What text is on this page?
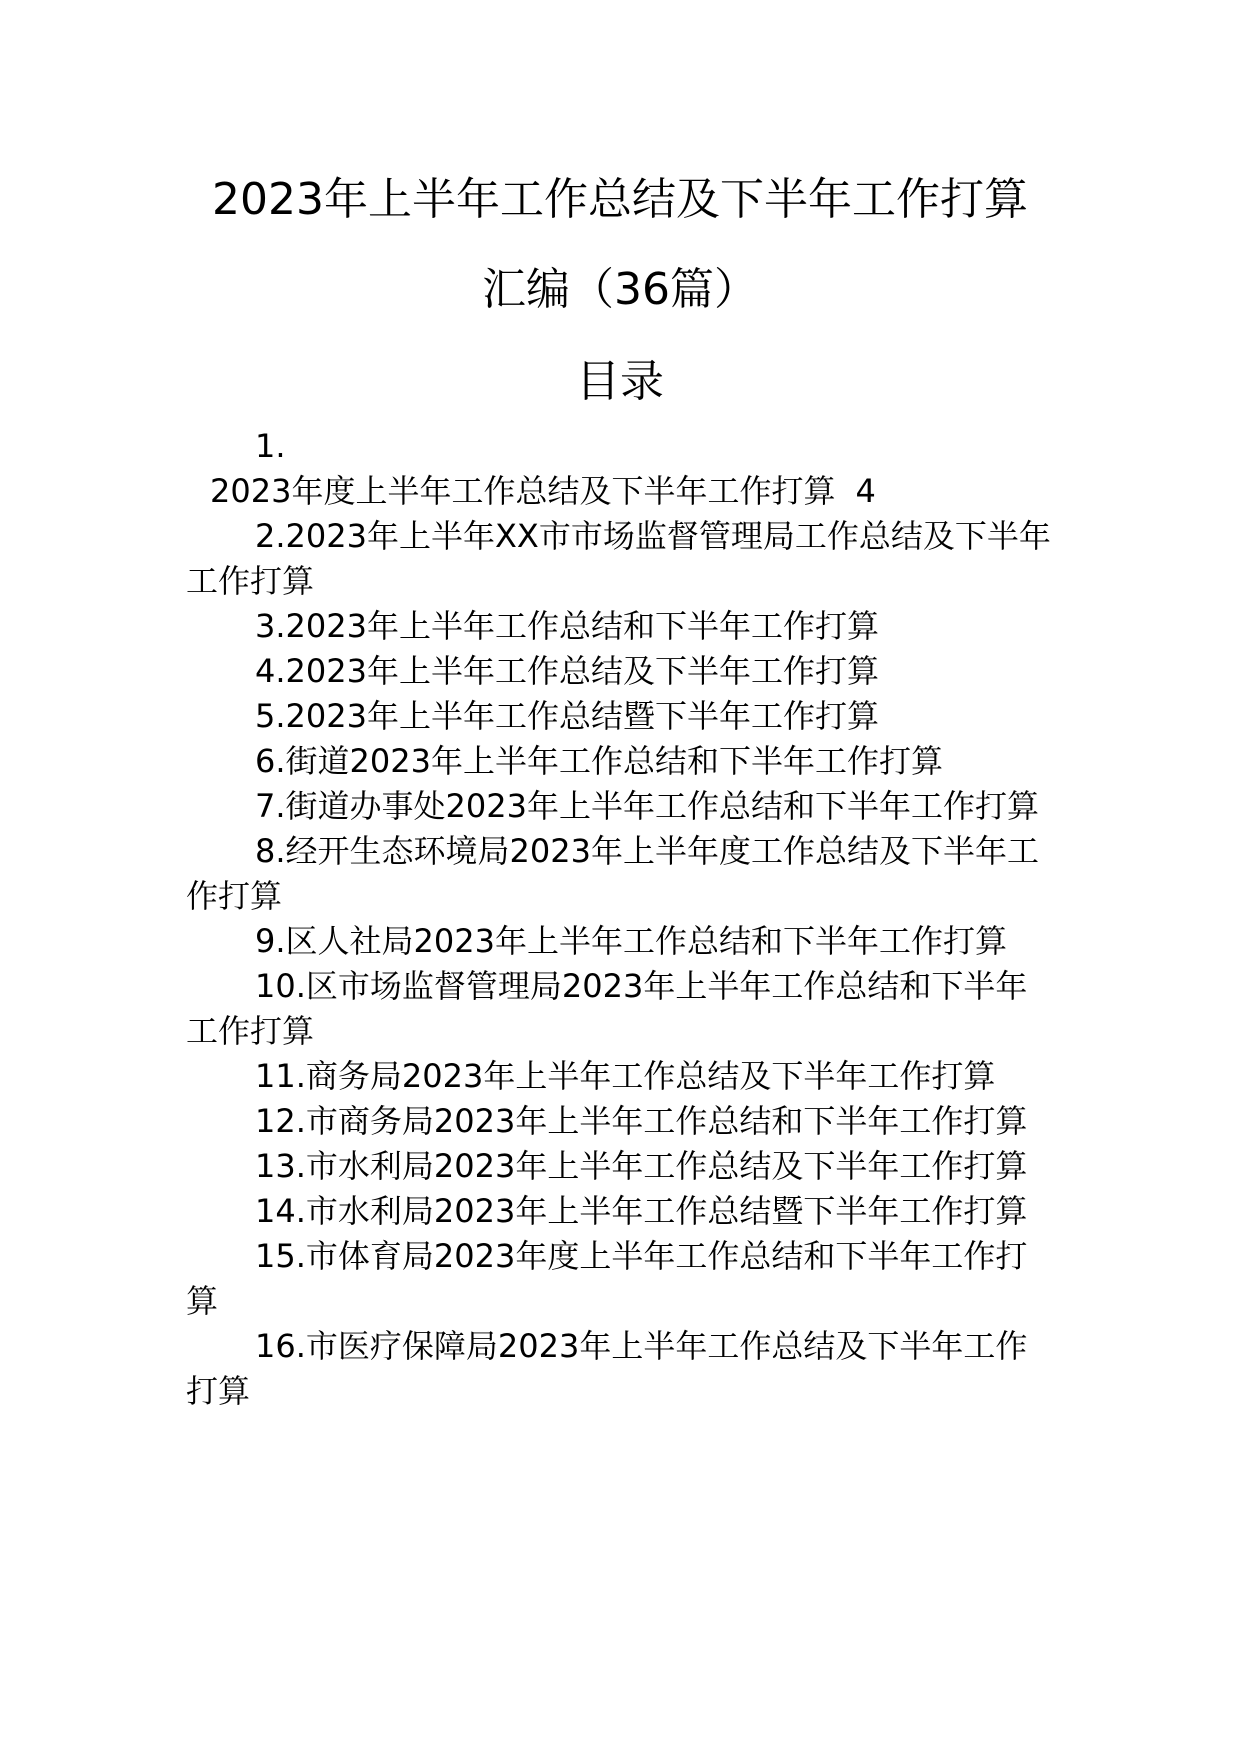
2023年上半年工作总结及下半年工作打算
汇编（36篇）
目录
1.
2023年度上半年工作总结及下半年工作打算 4
2.2023年上半年XX市市场监督管理局工作总结及下半年工作打算
3.2023年上半年工作总结和下半年工作打算
4.2023年上半年工作总结及下半年工作打算
5.2023年上半年工作总结暨下半年工作打算
6.街道2023年上半年工作总结和下半年工作打算
7.街道办事处2023年上半年工作总结和下半年工作打算
8.经开生态环境局2023年上半年度工作总结及下半年工作打算
9.区人社局2023年上半年工作总结和下半年工作打算
10.区市场监督管理局2023年上半年工作总结和下半年工作打算
11.商务局2023年上半年工作总结及下半年工作打算
12.市商务局2023年上半年工作总结和下半年工作打算
13.市水利局2023年上半年工作总结及下半年工作打算
14.市水利局2023年上半年工作总结暨下半年工作打算
15.市体育局2023年度上半年工作总结和下半年工作打算
16.市医疗保障局2023年上半年工作总结及下半年工作打算
